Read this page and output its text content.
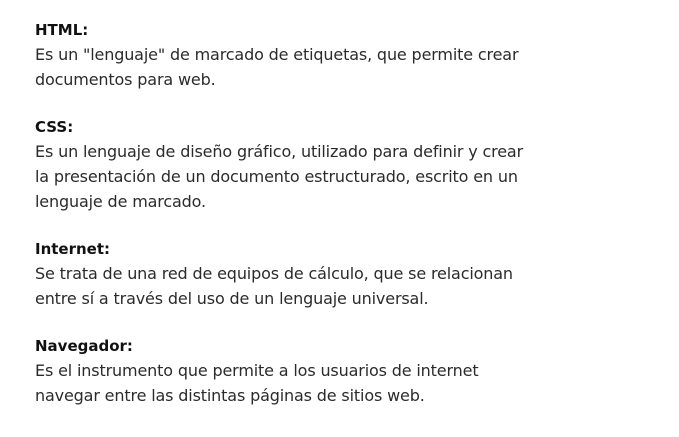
HTML:

Es un "lenguaje" de marcado de etiquetas, que permite crear
documentos para web.

CSS:

Es un lenguaje de diseño gráfico, utilizado para definir y crear
la presentación de un documento estructurado, escrito en un
lenguaje de marcado.

Internet:

Se trata de una red de equipos de cálculo, que se relacionan
entre sí a través del uso de un lenguaje universal.

Navegador:

Es el instrumento que permite a los usuarios de internet
navegar entre las distintas páginas de sitios web.
